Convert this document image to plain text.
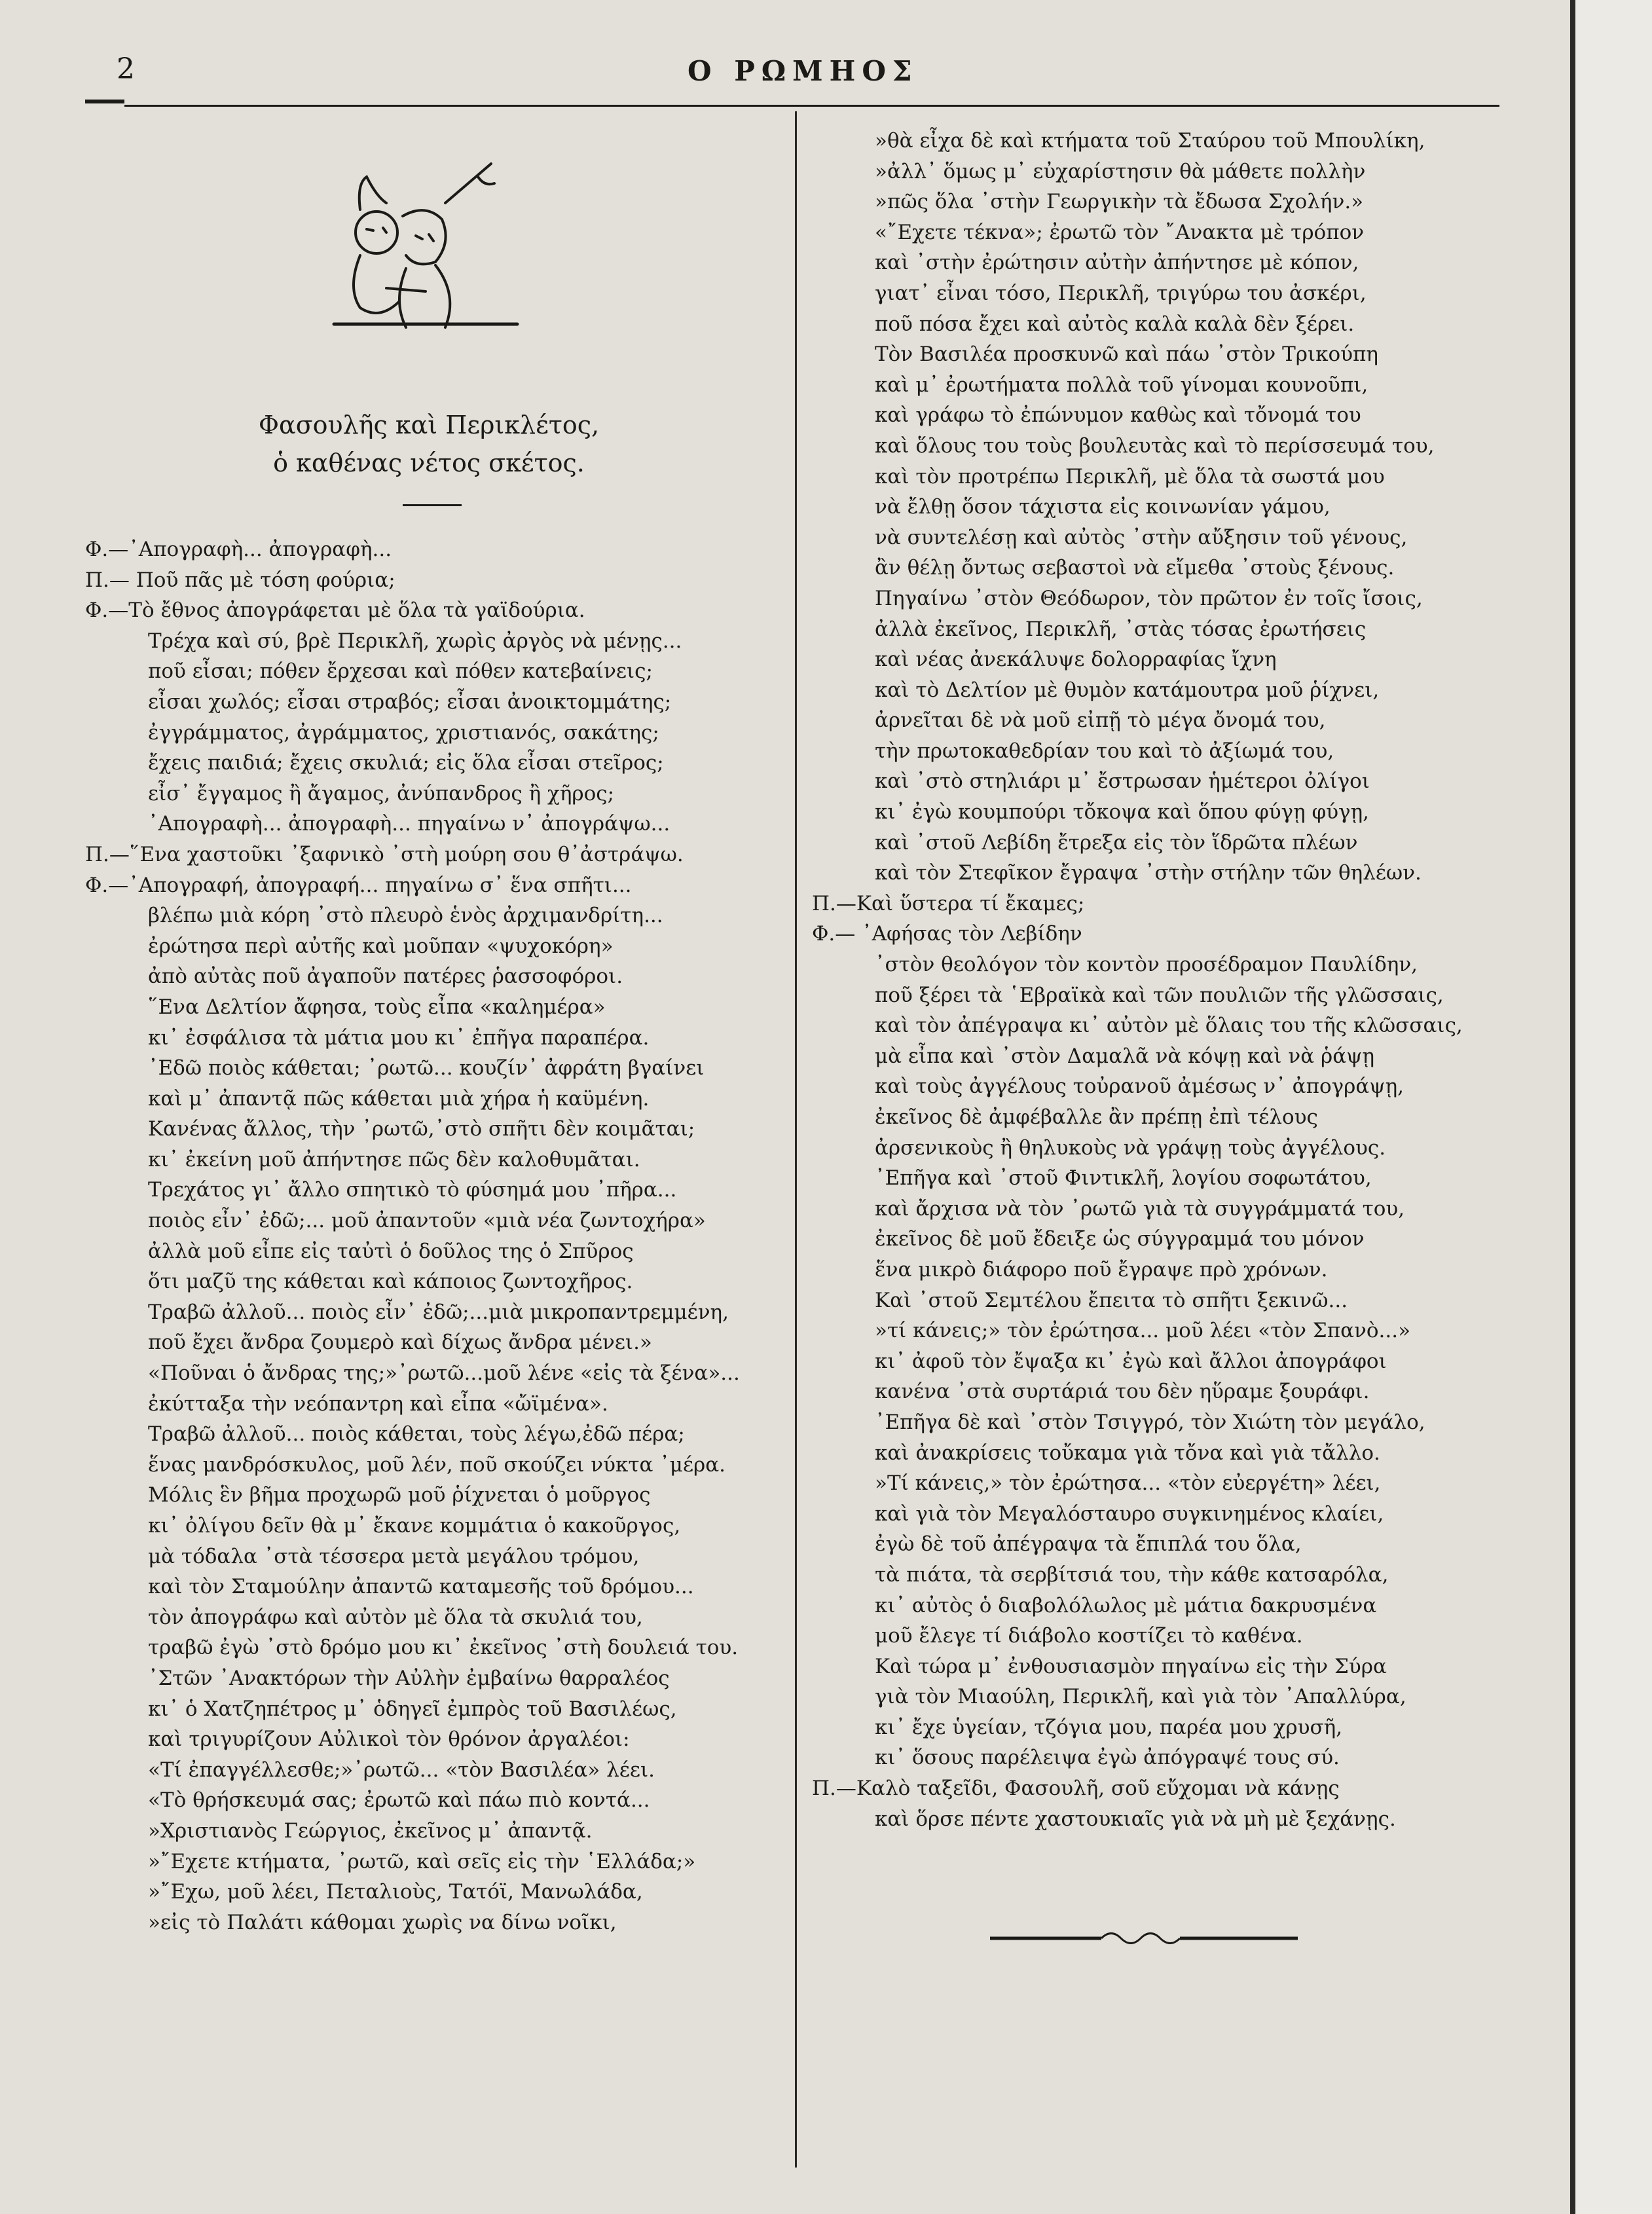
2	Ο ΡΩΜΗΟΣ
Φασουλῆς καὶ Περικλέτος,
ὁ καθένας νέτος σκέτος.
Φ.—᾽Απογραφὴ... ἀπογραφὴ...
Π.— Ποῦ πᾶς μὲ τόση φούρια;
Φ.—Τὸ ἔθνος ἀπογράφεται μὲ ὅλα τὰ γαϊδούρια.
Τρέχα καὶ σύ, βρὲ Περικλῆ, χωρὶς ἀργὸς νὰ μένῃς...
ποῦ εἶσαι; πόθεν ἔρχεσαι καὶ πόθεν κατεβαίνεις;
εἶσαι χωλός; εἶσαι στραβός; εἶσαι ἀνοικτομμάτης;
ἐγγράμματος, ἀγράμματος, χριστιανός, σακάτης;
ἔχεις παιδιά; ἔχεις σκυλιά; εἰς ὅλα εἶσαι στεῖρος;
εἶσ᾽ ἔγγαμος ἢ ἄγαμος, ἀνύπανδρος ἢ χῆρος;
᾽Απογραφὴ... ἀπογραφὴ... πηγαίνω ν᾽ ἀπογράψω...
Π.—῞Ενα χαστοῦκι ᾽ξαφνικὸ ᾽στὴ μούρη σου θ᾽ἀστράψω.
Φ.—᾽Απογραφή, ἀπογραφή... πηγαίνω σ᾽ ἕνα σπῆτι...
βλέπω μιὰ κόρη ᾽στὸ πλευρὸ ἑνὸς ἀρχιμανδρίτη...
ἐρώτησα περὶ αὐτῆς καὶ μοῦπαν «ψυχοκόρη»
ἀπὸ αὐτὰς ποῦ ἀγαποῦν πατέρες ῥασσοφόροι.
῞Ενα Δελτίον ἄφησα, τοὺς εἶπα «καλημέρα»
κι᾽ ἐσφάλισα τὰ μάτια μου κι᾽ ἐπῆγα παραπέρα.
᾽Εδῶ ποιὸς κάθεται; ᾽ρωτῶ... κουζίν᾽ ἀφράτη βγαίνει
καὶ μ᾽ ἀπαντᾷ πῶς κάθεται μιὰ χήρα ἡ καϋμένη.
Κανένας ἄλλος, τὴν ᾽ρωτῶ,᾽στὸ σπῆτι δὲν κοιμᾶται;
κι᾽ ἐκείνη μοῦ ἀπήντησε πῶς δὲν καλοθυμᾶται.
Τρεχάτος γι᾽ ἄλλο σπητικὸ τὸ φύσημά μου ᾽πῆρα...
ποιὸς εἶν᾽ ἐδῶ;... μοῦ ἀπαντοῦν «μιὰ νέα ζωντοχήρα»
ἀλλὰ μοῦ εἶπε εἰς ταὐτὶ ὁ δοῦλος της ὁ Σπῦρος
ὅτι μαζῦ της κάθεται καὶ κάποιος ζωντοχῆρος.
Τραβῶ ἀλλοῦ... ποιὸς εἶν᾽ ἐδῶ;...μιὰ μικροπαντρεμμένη,
ποῦ ἔχει ἄνδρα ζουμερὸ καὶ δίχως ἄνδρα μένει.»
«Ποῦναι ὁ ἄνδρας της;»᾽ρωτῶ...μοῦ λένε «εἰς τὰ ξένα»...
ἐκύτταξα τὴν νεόπαντρη καὶ εἶπα «ὤϊμένα».
Τραβῶ ἀλλοῦ... ποιὸς κάθεται, τοὺς λέγω,ἐδῶ πέρα;
ἕνας μανδρόσκυλος, μοῦ λέν, ποῦ σκούζει νύκτα ᾽μέρα.
Μόλις ἓν βῆμα προχωρῶ μοῦ ῥίχνεται ὁ μοῦργος
κι᾽ ὀλίγου δεῖν θὰ μ᾽ ἔκανε κομμάτια ὁ κακοῦργος,
μὰ τόδαλα ᾽στὰ τέσσερα μετὰ μεγάλου τρόμου,
καὶ τὸν Σταμούλην ἀπαντῶ καταμεσῆς τοῦ δρόμου...
τὸν ἀπογράφω καὶ αὐτὸν μὲ ὅλα τὰ σκυλιά του,
τραβῶ ἐγὼ ᾽στὸ δρόμο μου κι᾽ ἐκεῖνος ᾽στὴ δουλειά του.
᾽Στῶν ᾽Ανακτόρων τὴν Αὐλὴν ἐμβαίνω θαρραλέος
κι᾽ ὁ Χατζηπέτρος μ᾽ ὁδηγεῖ ἐμπρὸς τοῦ Βασιλέως,
καὶ τριγυρίζουν Αὐλικοὶ τὸν θρόνον ἀργαλέοι:
«Τί ἐπαγγέλλεσθε;»᾽ρωτῶ... «τὸν Βασιλέα» λέει.
«Τὸ θρήσκευμά σας; ἐρωτῶ καὶ πάω πιὸ κοντά...
»Χριστιανὸς Γεώργιος, ἐκεῖνος μ᾽ ἀπαντᾷ.
»῎Εχετε κτήματα, ᾽ρωτῶ, καὶ σεῖς εἰς τὴν ῾Ελλάδα;»
»῎Εχω, μοῦ λέει, Πεταλιοὺς, Τατόϊ, Μανωλάδα,
»εἰς τὸ Παλάτι κάθομαι χωρὶς να δίνω νοῖκι,
»θὰ εἶχα δὲ καὶ κτήματα τοῦ Σταύρου τοῦ Μπουλίκη,
»ἀλλ᾽ ὅμως μ᾽ εὐχαρίστησιν θὰ μάθετε πολλὴν
»πῶς ὅλα ᾽στὴν Γεωργικὴν τὰ ἔδωσα Σχολήν.»
«῎Εχετε τέκνα»; ἐρωτῶ τὸν ῎Ανακτα μὲ τρόπον
καὶ ᾽στὴν ἐρώτησιν αὐτὴν ἀπήντησε μὲ κόπον,
γιατ᾽ εἶναι τόσο, Περικλῆ, τριγύρω του ἀσκέρι,
ποῦ πόσα ἔχει καὶ αὐτὸς καλὰ καλὰ δὲν ξέρει.
Τὸν Βασιλέα προσκυνῶ καὶ πάω ᾽στὸν Τρικούπη
καὶ μ᾽ ἐρωτήματα πολλὰ τοῦ γίνομαι κουνοῦπι,
καὶ γράφω τὸ ἐπώνυμον καθὼς καὶ τὄνομά του
καὶ ὅλους του τοὺς βουλευτὰς καὶ τὸ περίσσευμά του,
καὶ τὸν προτρέπω Περικλῆ, μὲ ὅλα τὰ σωστά μου
νὰ ἔλθῃ ὅσον τάχιστα εἰς κοινωνίαν γάμου,
νὰ συντελέσῃ καὶ αὐτὸς ᾽στὴν αὔξησιν τοῦ γένους,
ἂν θέλῃ ὄντως σεβαστοὶ νὰ εἴμεθα ᾽στοὺς ξένους.
Πηγαίνω ᾽στὸν Θεόδωρον, τὸν πρῶτον ἐν τοῖς ἴσοις,
ἀλλὰ ἐκεῖνος, Περικλῆ, ᾽στὰς τόσας ἐρωτήσεις
καὶ νέας ἀνεκάλυψε δολορραφίας ἴχνη
καὶ τὸ Δελτίον μὲ θυμὸν κατάμουτρα μοῦ ῥίχνει,
ἀρνεῖται δὲ νὰ μοῦ εἰπῇ τὸ μέγα ὄνομά του,
τὴν πρωτοκαθεδρίαν του καὶ τὸ ἀξίωμά του,
καὶ ᾽στὸ στηλιάρι μ᾽ ἔστρωσαν ἡμέτεροι ὀλίγοι
κι᾽ ἐγὼ κουμπούρι τὄκοψα καὶ ὅπου φύγῃ φύγῃ,
καὶ ᾽στοῦ Λεβίδη ἔτρεξα εἰς τὸν ἵδρῶτα πλέων
καὶ τὸν Στεφῖκον ἔγραψα ᾽στὴν στήλην τῶν θηλέων.
Π.—Καὶ ὕστερα τί ἔκαμες;
Φ.— ᾽Αφήσας τὸν Λεβίδην
᾽στὸν θεολόγον τὸν κοντὸν προσέδραμον Παυλίδην,
ποῦ ξέρει τὰ ῾Εβραϊκὰ καὶ τῶν πουλιῶν τῆς γλῶσσαις,
καὶ τὸν ἀπέγραψα κι᾽ αὐτὸν μὲ ὅλαις του τῆς κλῶσσαις,
μὰ εἶπα καὶ ᾽στὸν Δαμαλᾶ νὰ κόψῃ καὶ νὰ ῥάψῃ
καὶ τοὺς ἀγγέλους τοὐρανοῦ ἀμέσως ν᾽ ἀπογράψῃ,
ἐκεῖνος δὲ ἀμφέβαλλε ἂν πρέπῃ ἐπὶ τέλους
ἀρσενικοὺς ἢ θηλυκοὺς νὰ γράψῃ τοὺς ἀγγέλους.
᾽Επῆγα καὶ ᾽στοῦ Φιντικλῆ, λογίου σοφωτάτου,
καὶ ἄρχισα νὰ τὸν ᾽ρωτῶ γιὰ τὰ συγγράμματά του,
ἐκεῖνος δὲ μοῦ ἔδειξε ὡς σύγγραμμά του μόνον
ἕνα μικρὸ διάφορο ποῦ ἔγραψε πρὸ χρόνων.
Καὶ ᾽στοῦ Σεμτέλου ἔπειτα τὸ σπῆτι ξεκινῶ...
»τί κάνεις;» τὸν ἐρώτησα... μοῦ λέει «τὸν Σπανὸ...»
κι᾽ ἀφοῦ τὸν ἔψαξα κι᾽ ἐγὼ καὶ ἄλλοι ἀπογράφοι
κανένα ᾽στὰ συρτάριά του δὲν ηὕραμε ξουράφι.
᾽Επῆγα δὲ καὶ ᾽στὸν Τσιγγρό, τὸν Χιώτη τὸν μεγάλο,
καὶ ἀνακρίσεις τοὔκαμα γιὰ τὄνα καὶ γιὰ τἄλλο.
»Τί κάνεις,» τὸν ἐρώτησα... «τὸν εὐεργέτη» λέει,
καὶ γιὰ τὸν Μεγαλόσταυρο συγκινημένος κλαίει,
ἐγὼ δὲ τοῦ ἀπέγραψα τὰ ἔπιπλά του ὅλα,
τὰ πιάτα, τὰ σερβίτσιά του, τὴν κάθε κατσαρόλα,
κι᾽ αὐτὸς ὁ διαβολόλωλος μὲ μάτια δακρυσμένα
μοῦ ἔλεγε τί διάβολο κοστίζει τὸ καθένα.
Καὶ τώρα μ᾽ ἐνθουσιασμὸν πηγαίνω εἰς τὴν Σύρα
γιὰ τὸν Μιαούλη, Περικλῆ, καὶ γιὰ τὸν ᾽Απαλλύρα,
κι᾽ ἔχε ὑγείαν, τζόγια μου, παρέα μου χρυσῆ,
κι᾽ ὅσους παρέλειψα ἐγὼ ἀπόγραψέ τους σύ.
Π.—Καλὸ ταξεῖδι, Φασουλῆ, σοῦ εὔχομαι νὰ κάνῃς
καὶ ὅρσε πέντε χαστουκιαῖς γιὰ νὰ μὴ μὲ ξεχάνῃς.
